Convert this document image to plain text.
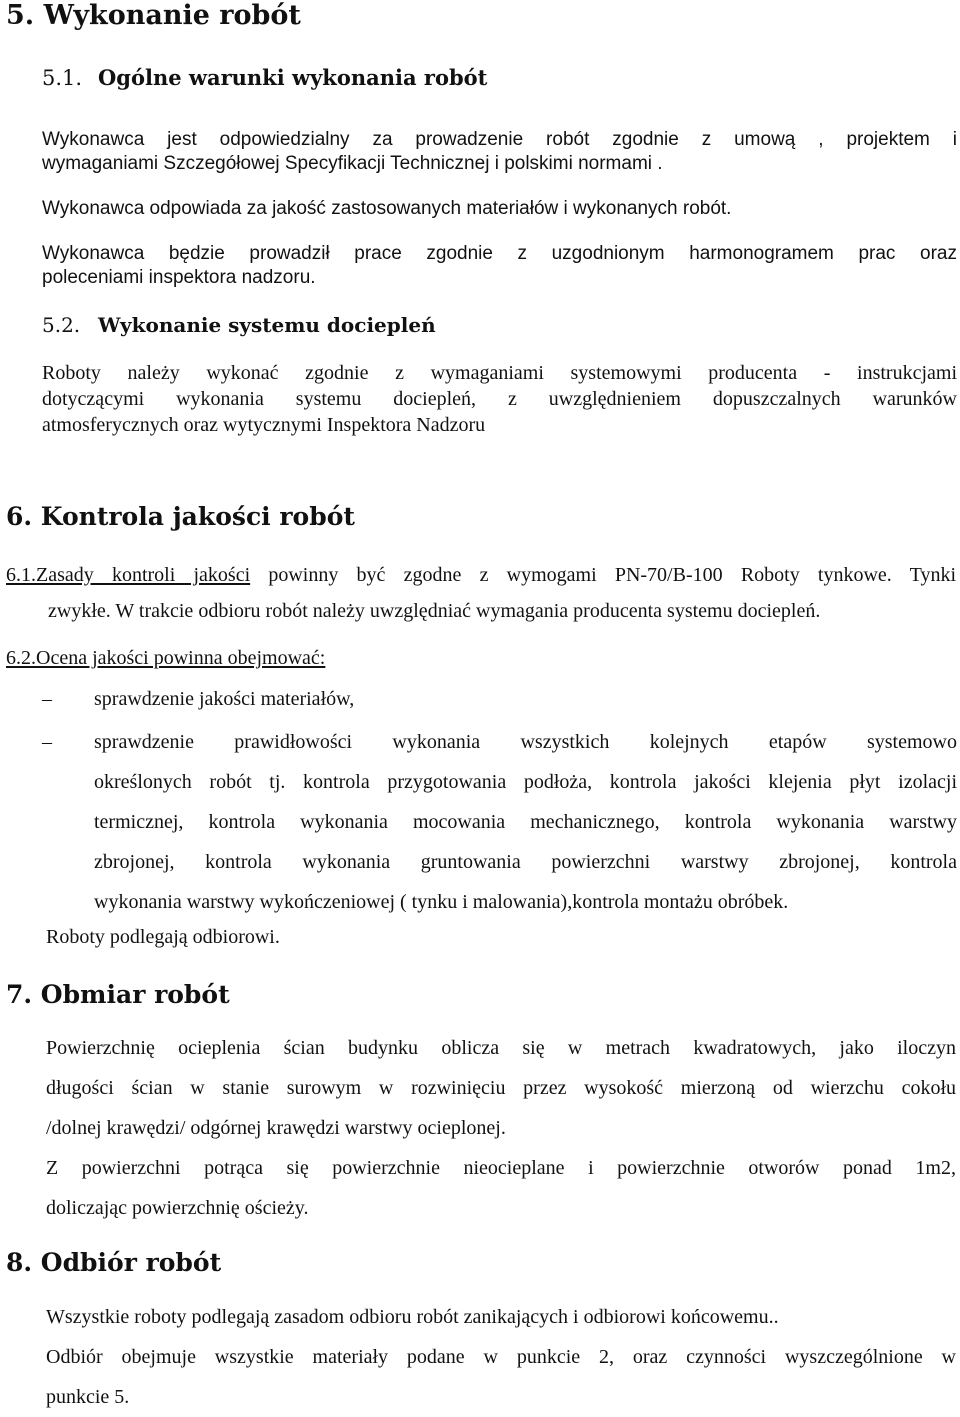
5. Wykonanie robót
5.1. Ogólne warunki wykonania robót
Wykonawca jest odpowiedzialny za prowadzenie robót zgodnie z umową , projektem i
wymaganiami Szczegółowej Specyfikacji Technicznej i polskimi normami .
Wykonawca odpowiada za jakość zastosowanych materiałów i wykonanych robót.
Wykonawca będzie prowadził prace zgodnie z uzgodnionym harmonogramem prac oraz
poleceniami inspektora nadzoru.
5.2. Wykonanie systemu dociepleń
Roboty należy wykonać zgodnie z wymaganiami systemowymi producenta - instrukcjami
dotyczącymi wykonania systemu dociepleń, z uwzględnieniem dopuszczalnych warunków
atmosferycznych oraz wytycznymi Inspektora Nadzoru
6. Kontrola jakości robót
6.1.Zasady kontroli jakości powinny być zgodne z wymogami PN-70/B-100 Roboty tynkowe. Tynki
zwykłe. W trakcie odbioru robót należy uwzględniać wymagania producenta systemu dociepleń.
6.2.Ocena jakości powinna obejmować:
–	sprawdzenie jakości materiałów,
–	sprawdzenie prawidłowości wykonania wszystkich kolejnych etapów systemowo
określonych robót tj. kontrola przygotowania podłoża, kontrola jakości klejenia płyt izolacji
termicznej, kontrola wykonania mocowania mechanicznego, kontrola wykonania warstwy
zbrojonej, kontrola wykonania gruntowania powierzchni warstwy zbrojonej, kontrola
wykonania warstwy wykończeniowej ( tynku i malowania),kontrola montażu obróbek.
Roboty podlegają odbiorowi.
7. Obmiar robót
Powierzchnię ocieplenia ścian budynku oblicza się w metrach kwadratowych, jako iloczyn
długości ścian w stanie surowym w rozwinięciu przez wysokość mierzoną od wierzchu cokołu
/dolnej krawędzi/ odgórnej krawędzi warstwy ocieplonej.
Z powierzchni potrąca się powierzchnie nieocieplane i powierzchnie otworów ponad 1m2,
doliczając powierzchnię ościeży.
8. Odbiór robót
Wszystkie roboty podlegają zasadom odbioru robót zanikających i odbiorowi końcowemu..
Odbiór obejmuje wszystkie materiały podane w punkcie 2, oraz czynności wyszczególnione w
punkcie 5.
